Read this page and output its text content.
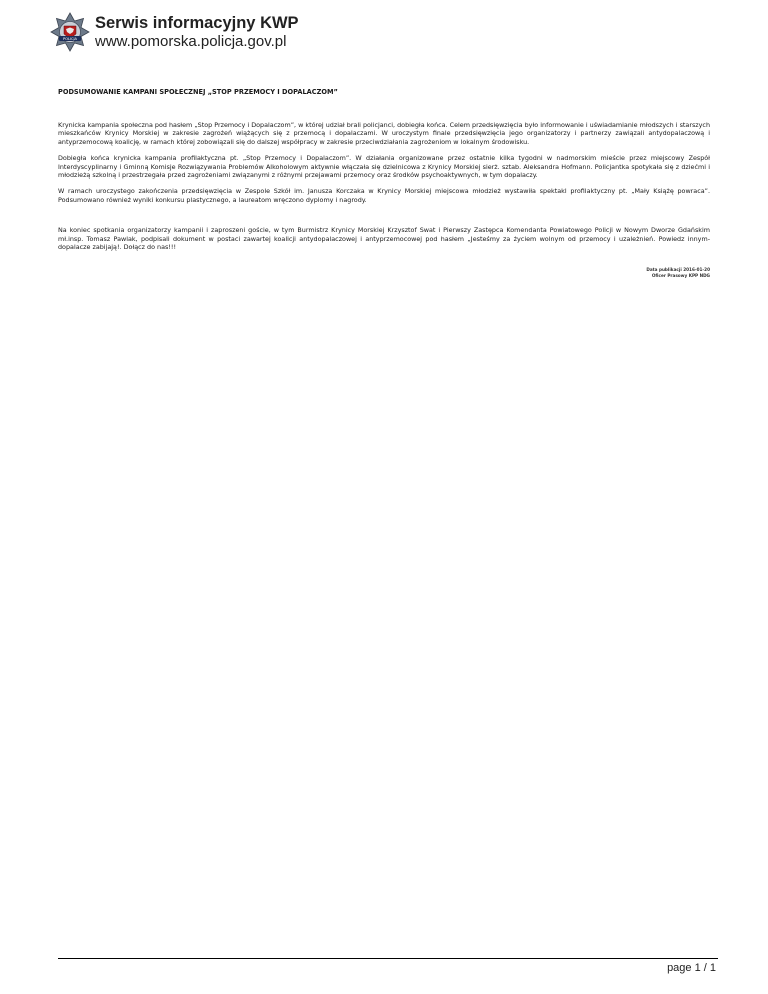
POLICJA
Serwis informacyjny KWP
www.pomorska.policja.gov.pl
PODSUMOWANIE KAMPANI SPOŁECZNEJ „STOP PRZEMOCY I DOPALACZOM”

Krynicka kampania społeczna pod hasłem „Stop Przemocy i Dopalaczom”, w której udział brali policjanci, dobiegła końca. Celem przedsięwzięcia było informowanie i uświadamianie młodszych i starszych mieszkańców Krynicy Morskiej w zakresie zagrożeń wiążących się z przemocą i dopalaczami. W uroczystym finale przedsięwzięcia jego organizatorzy i partnerzy zawiązali antydopalaczową i antyprzemocową koalicję, w ramach której zobowiązali się do dalszej współpracy w zakresie przeciwdziałania zagrożeniom w lokalnym środowisku.

Dobiegła końca krynicka kampania profilaktyczna pt. „Stop Przemocy i Dopalaczom”. W działania organizowane przez ostatnie kilka tygodni w nadmorskim mieście przez miejscowy Zespół Interdyscyplinarny i Gminną Komisje Rozwiązywania Problemów Alkoholowym aktywnie włączała się dzielnicowa z Krynicy Morskiej sierż. sztab. Aleksandra Hofmann. Policjantka spotykała się z dziećmi i młodzieżą szkolną i przestrzegała przed zagrożeniami związanymi z różnymi przejawami przemocy oraz środków psychoaktywnych, w tym dopalaczy.

W ramach uroczystego zakończenia przedsięwzięcia w Zespole Szkół im. Janusza Korczaka w Krynicy Morskiej miejscowa młodzież wystawiła spektakl profilaktyczny pt. „Mały Książę powraca”. Podsumowano również wyniki konkursu plastycznego, a laureatom wręczono dyplomy i nagrody.

Na koniec spotkania organizatorzy kampanii i zaproszeni goście, w tym Burmistrz Krynicy Morskiej Krzysztof Swat i Pierwszy Zastępca Komendanta Powiatowego Policji w Nowym Dworze Gdańskim mł.insp. Tomasz Pawlak, podpisali dokument w postaci zawartej koalicji antydopalaczowej i antyprzemocowej pod hasłem „Jesteśmy za życiem wolnym od przemocy i uzależnień. Powiedz innym-dopalacze zabijają!. Dołącz do nas!!!

Data publikacji 2016-01-20
Oficer Prasowy KPP NDG
page 1 / 1
